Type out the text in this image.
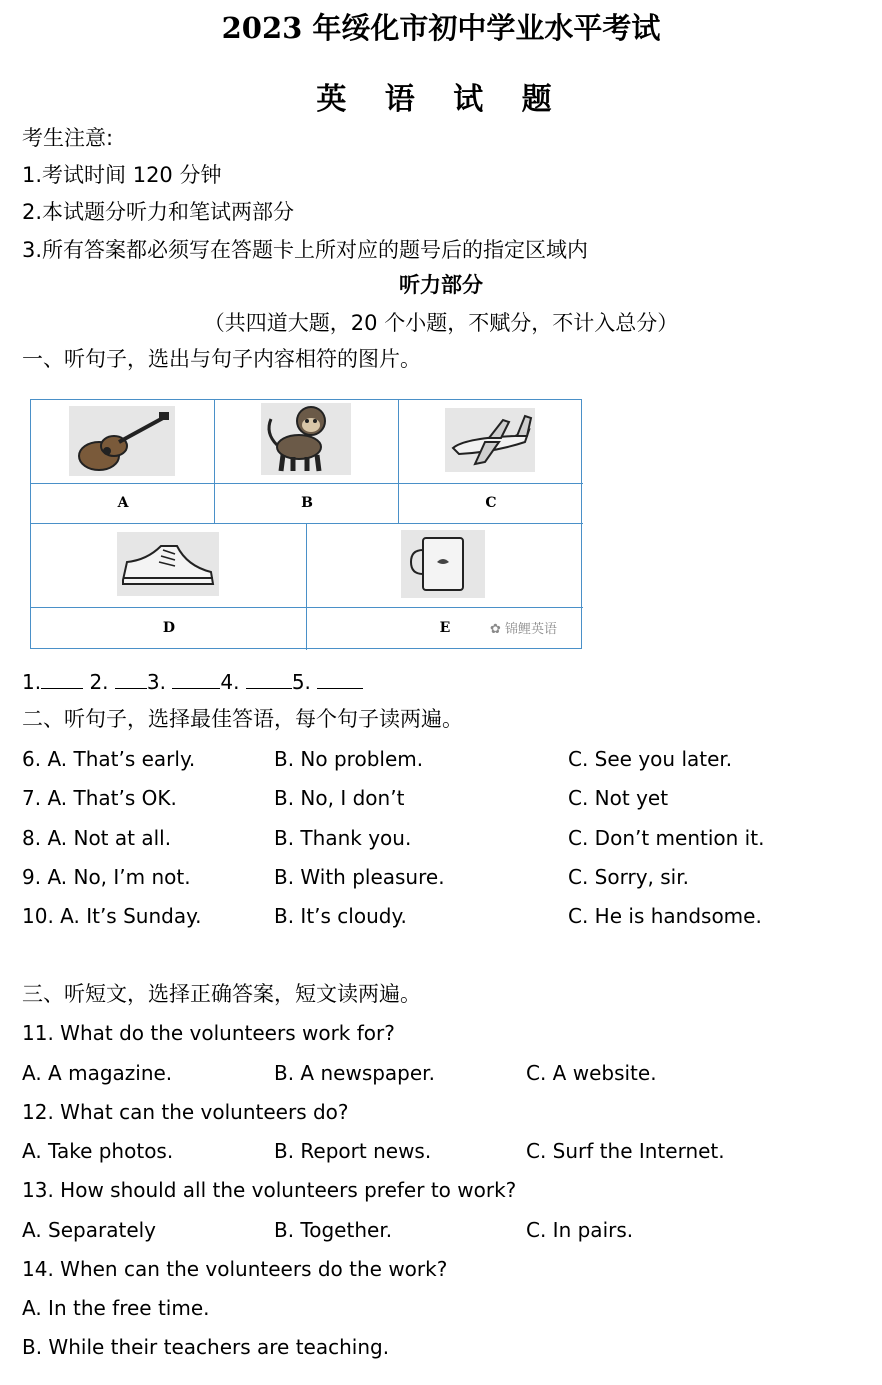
2023 年绥化市初中学业水平考试
英 语 试 题
考生注意:
1.考试时间 120 分钟
2.本试题分听力和笔试两部分
3.所有答案都必须写在答题卡上所对应的题号后的指定区域内
听力部分
（共四道大题，20 个小题，不赋分，不计入总分）
一、听句子，选出与句子内容相符的图片。
A	B	C
D	E	✿ 锦鲤英语
1. 2. 3.	4.	5.
二、听句子，选择最佳答语，每个句子读两遍。
6. A. That’s early.	B. No problem.	C. See you later.
7. A. That’s OK.	B. No, I don’t	C. Not yet
8. A. Not at all.	B. Thank you.	C. Don’t mention it.
9. A. No, I’m not.	B. With pleasure.	C. Sorry, sir.
10. A. It’s Sunday.	B. It’s cloudy.	C. He is handsome.
三、听短文，选择正确答案，短文读两遍。
11. What do the volunteers work for?
A. A magazine.	B. A newspaper.	C. A website.
12. What can the volunteers do?
A. Take photos.	B. Report news.	C. Surf the Internet.
13. How should all the volunteers prefer to work?
A. Separately	B. Together.	C. In pairs.
14. When can the volunteers do the work?
A. In the free time.
B. While their teachers are teaching.
